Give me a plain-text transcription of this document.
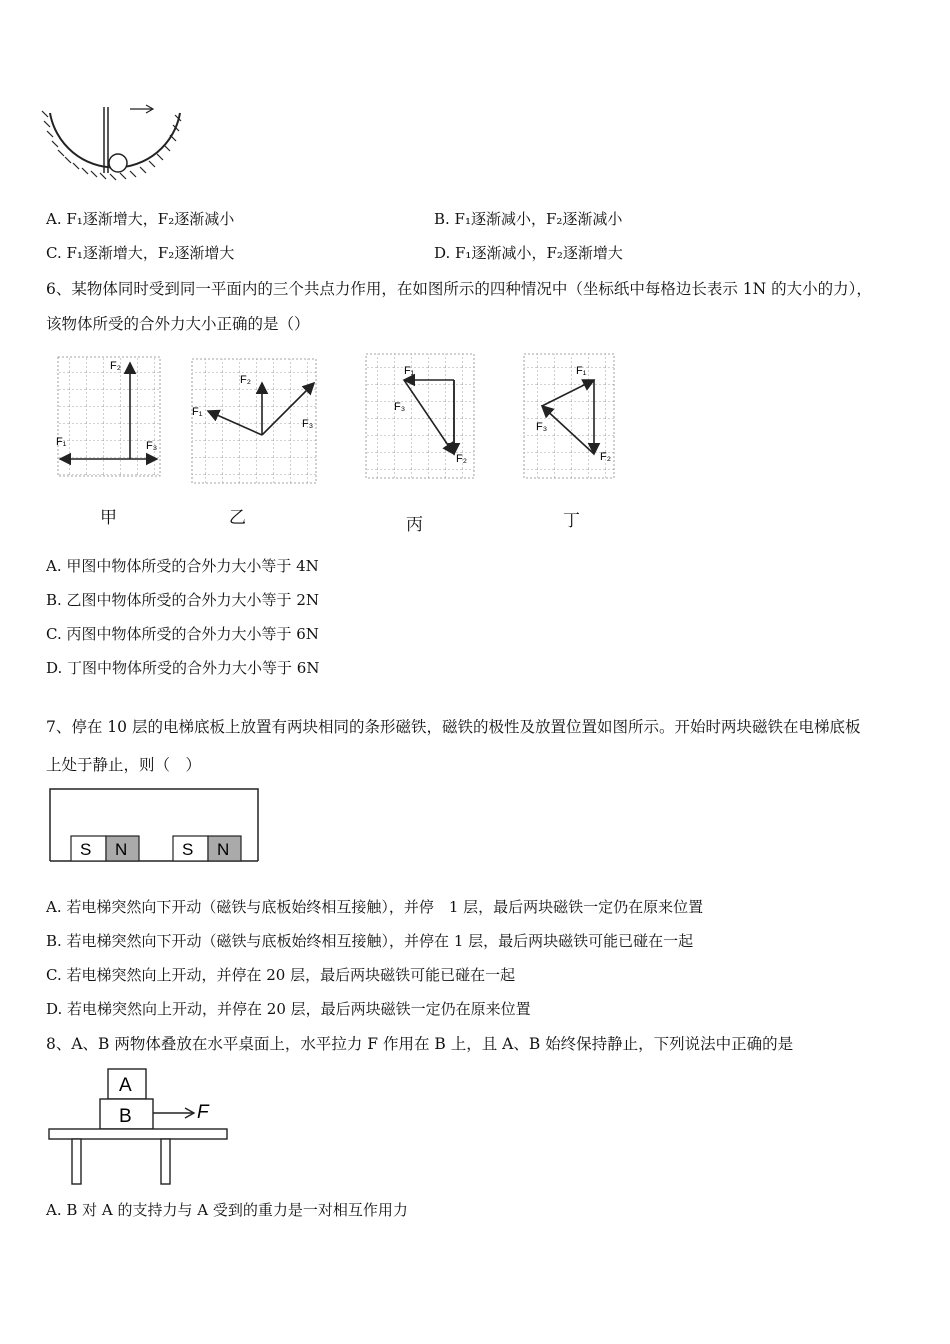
A. F₁逐渐增大，F₂逐渐减小	B. F₁逐渐减小，F₂逐渐减小
C. F₁逐渐增大，F₂逐渐增大	D. F₁逐渐减小，F₂逐渐增大
6、某物体同时受到同一平面内的三个共点力作用，在如图所示的四种情况中（坐标纸中每格边长表示 1N 的大小的力），
该物体所受的合外力大小正确的是（）
F₂
F₁	F₃
甲
F₂
F₁
F₃
乙
F₁
F₃
F₂
丙
F₁
F₃
F₂
丁
A. 甲图中物体所受的合外力大小等于 4N
B. 乙图中物体所受的合外力大小等于 2N
C. 丙图中物体所受的合外力大小等于 6N
D. 丁图中物体所受的合外力大小等于 6N
7、停在 10 层的电梯底板上放置有两块相同的条形磁铁，磁铁的极性及放置位置如图所示。开始时两块磁铁在电梯底板
上处于静止，则（　）
S N	S N
A. 若电梯突然向下开动（磁铁与底板始终相互接触），并停　1 层，最后两块磁铁一定仍在原来位置
B. 若电梯突然向下开动（磁铁与底板始终相互接触），并停在 1 层，最后两块磁铁可能已碰在一起
C. 若电梯突然向上开动，并停在 20 层，最后两块磁铁可能已碰在一起
D. 若电梯突然向上开动，并停在 20 层，最后两块磁铁一定仍在原来位置
8、A、B 两物体叠放在水平桌面上，水平拉力 F 作用在 B 上，且 A、B 始终保持静止，下列说法中正确的是
A
B	F
A. B 对 A 的支持力与 A 受到的重力是一对相互作用力
